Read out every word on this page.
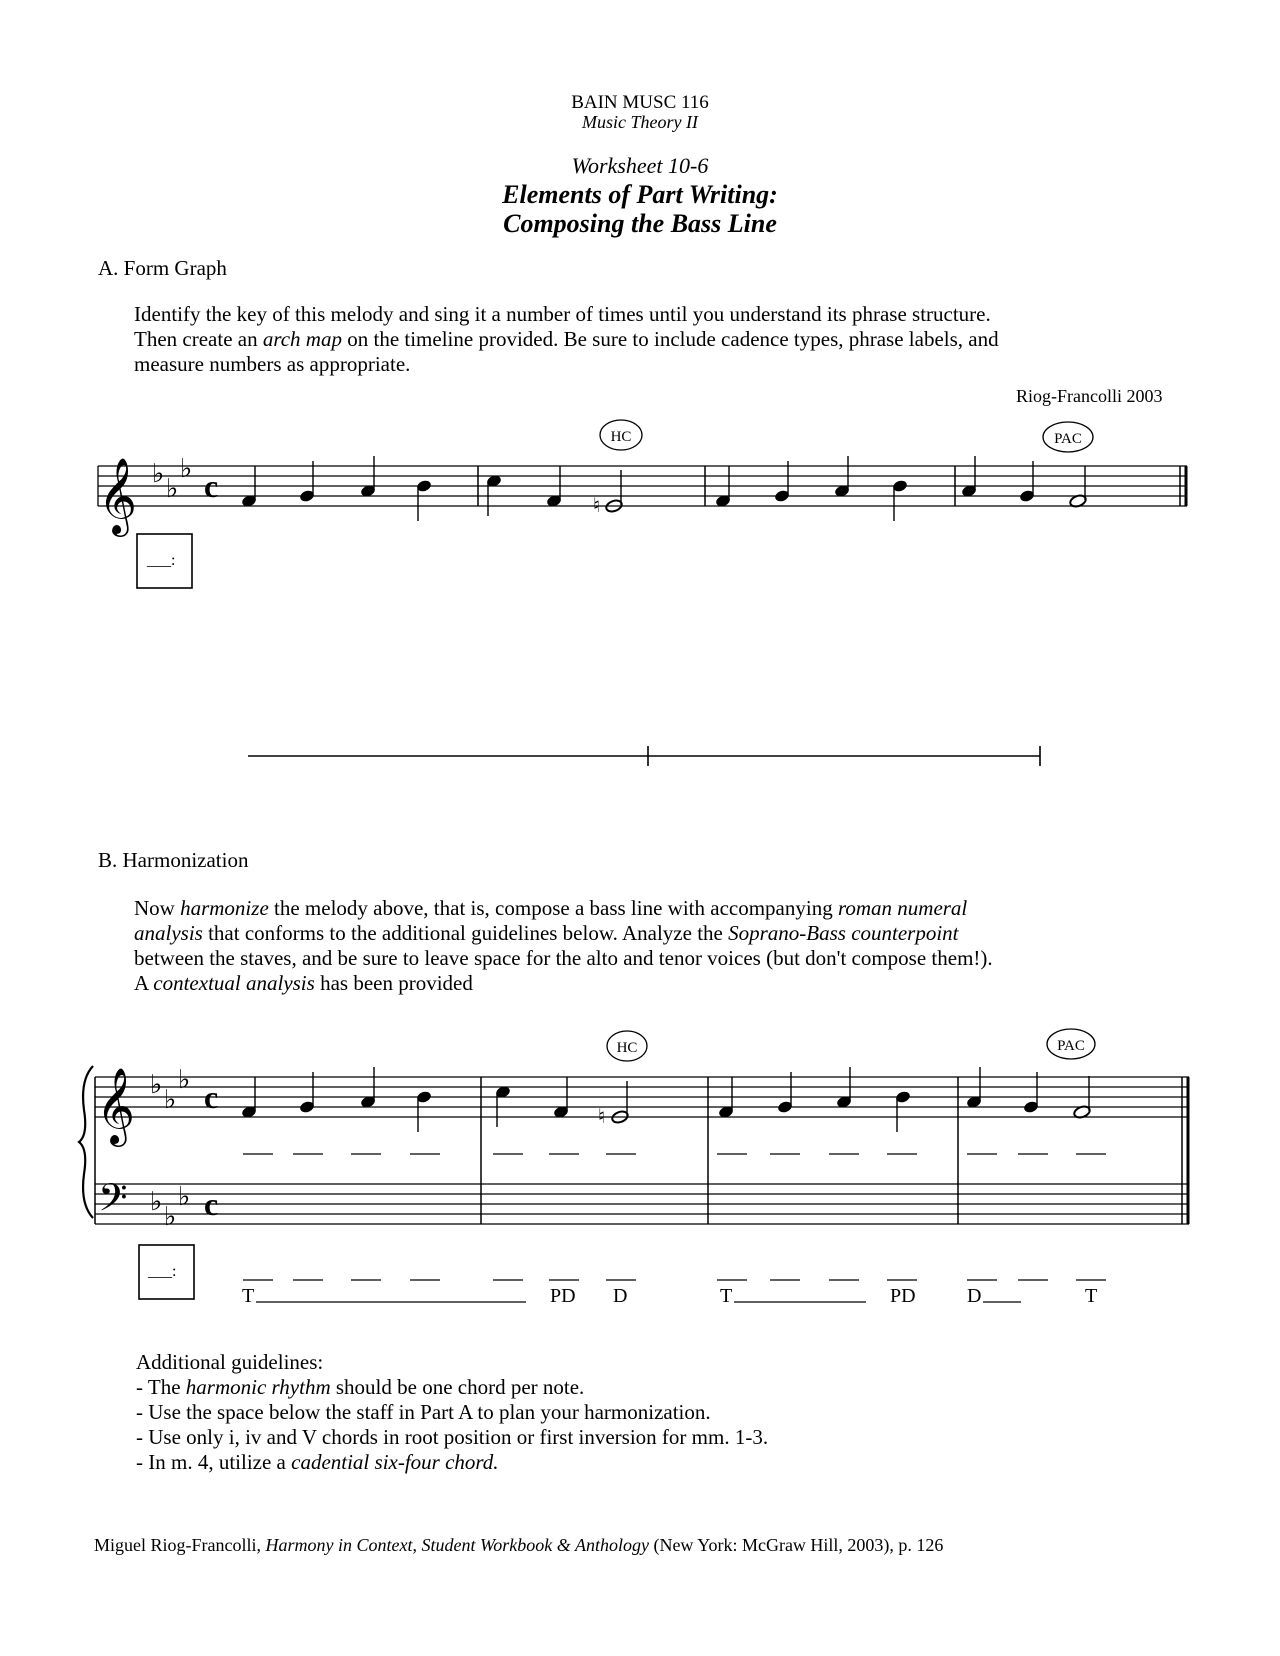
BAIN MUSC 116
Music Theory II
Worksheet 10-6
Elements of Part Writing:
Composing the Bass Line
A. Form Graph
Identify the key of this melody and sing it a number of times until you understand its phrase structure.
Then create an arch map on the timeline provided. Be sure to include cadence types, phrase labels, and
measure numbers as appropriate.
Riog-Francolli 2003
HC	PAC
𝄞 ♭
♭
♭ c
♮
___:
B. Harmonization
Now harmonize the melody above, that is, compose a bass line with accompanying roman numeral
analysis that conforms to the additional guidelines below. Analyze the Soprano-Bass counterpoint
between the staves, and be sure to leave space for the alto and tenor voices (but don't compose them!).
A contextual analysis has been provided
HC	PAC
𝄞 ♭
♭
♭ c
𝄢 ♭
♭
♭ c
♮
___:
T	PD D	T	PD	D	T
Additional guidelines:
- The harmonic rhythm should be one chord per note.
- Use the space below the staff in Part A to plan your harmonization.
- Use only i, iv and V chords in root position or first inversion for mm. 1-3.
- In m. 4, utilize a cadential six-four chord.
Miguel Riog-Francolli, Harmony in Context, Student Workbook & Anthology (New York: McGraw Hill, 2003), p. 126
